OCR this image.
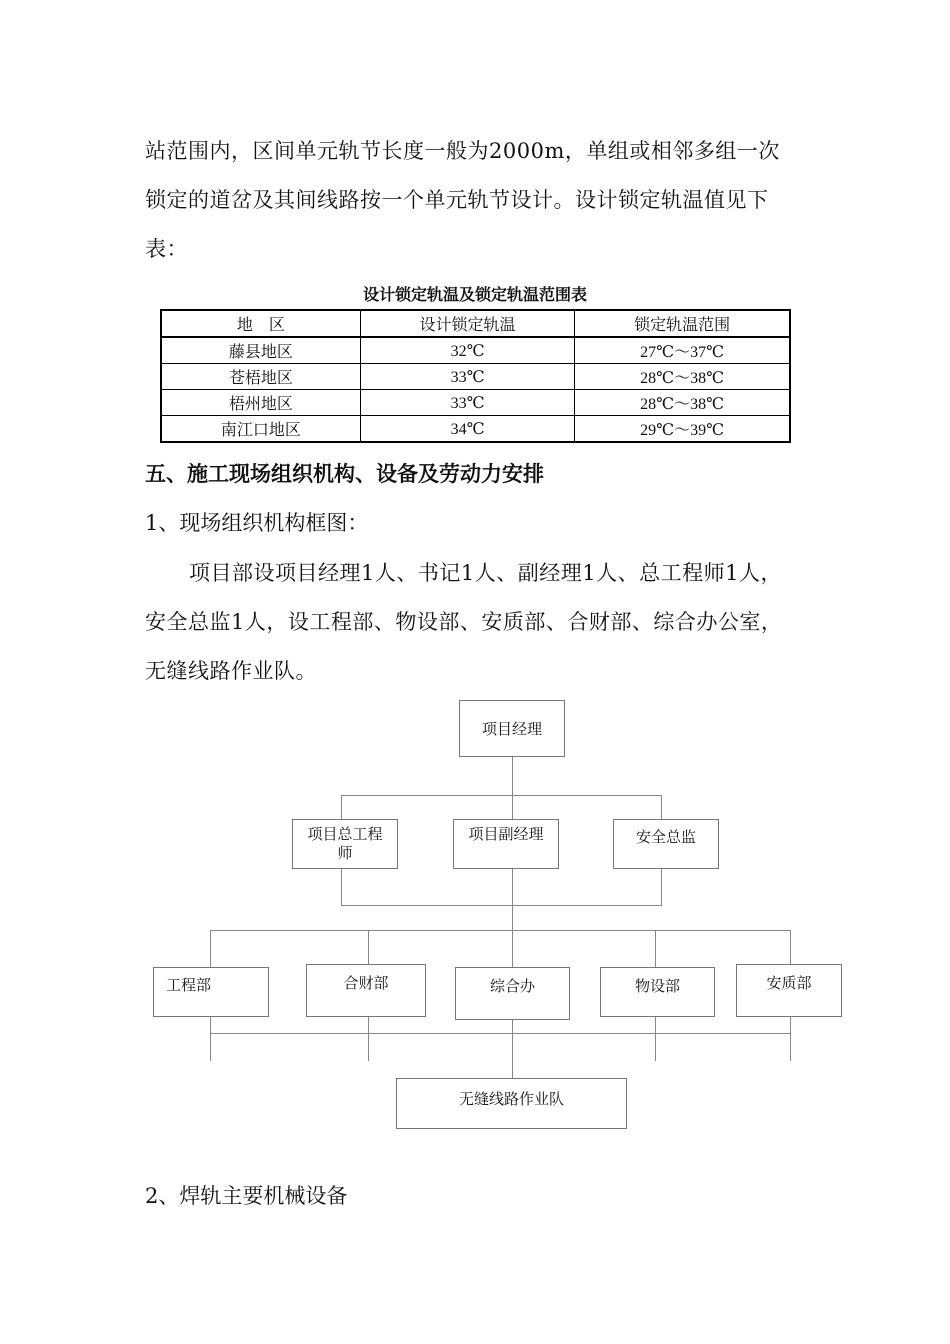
站范围内，区间单元轨节长度一般为2000m，单组或相邻多组一次
锁定的道岔及其间线路按一个单元轨节设计。设计锁定轨温值见下
表：
设计锁定轨温及锁定轨温范围表
地　区	设计锁定轨温	锁定轨温范围
藤县地区	32℃	27℃～37℃
苍梧地区	33℃	28℃～38℃
梧州地区	33℃	28℃～38℃
南江口地区	34℃	29℃～39℃
五、施工现场组织机构、设备及劳动力安排
1、现场组织机构框图：
项目部设项目经理1人、书记1人、副经理1人、总工程师1人，
安全总监1人，设工程部、物设部、安质部、合财部、综合办公室，
无缝线路作业队。
项目经理
项目总工程师
项目副经理	安全总监
工程部	合财部	综合办	物设部	安质部
无缝线路作业队
2、焊轨主要机械设备
